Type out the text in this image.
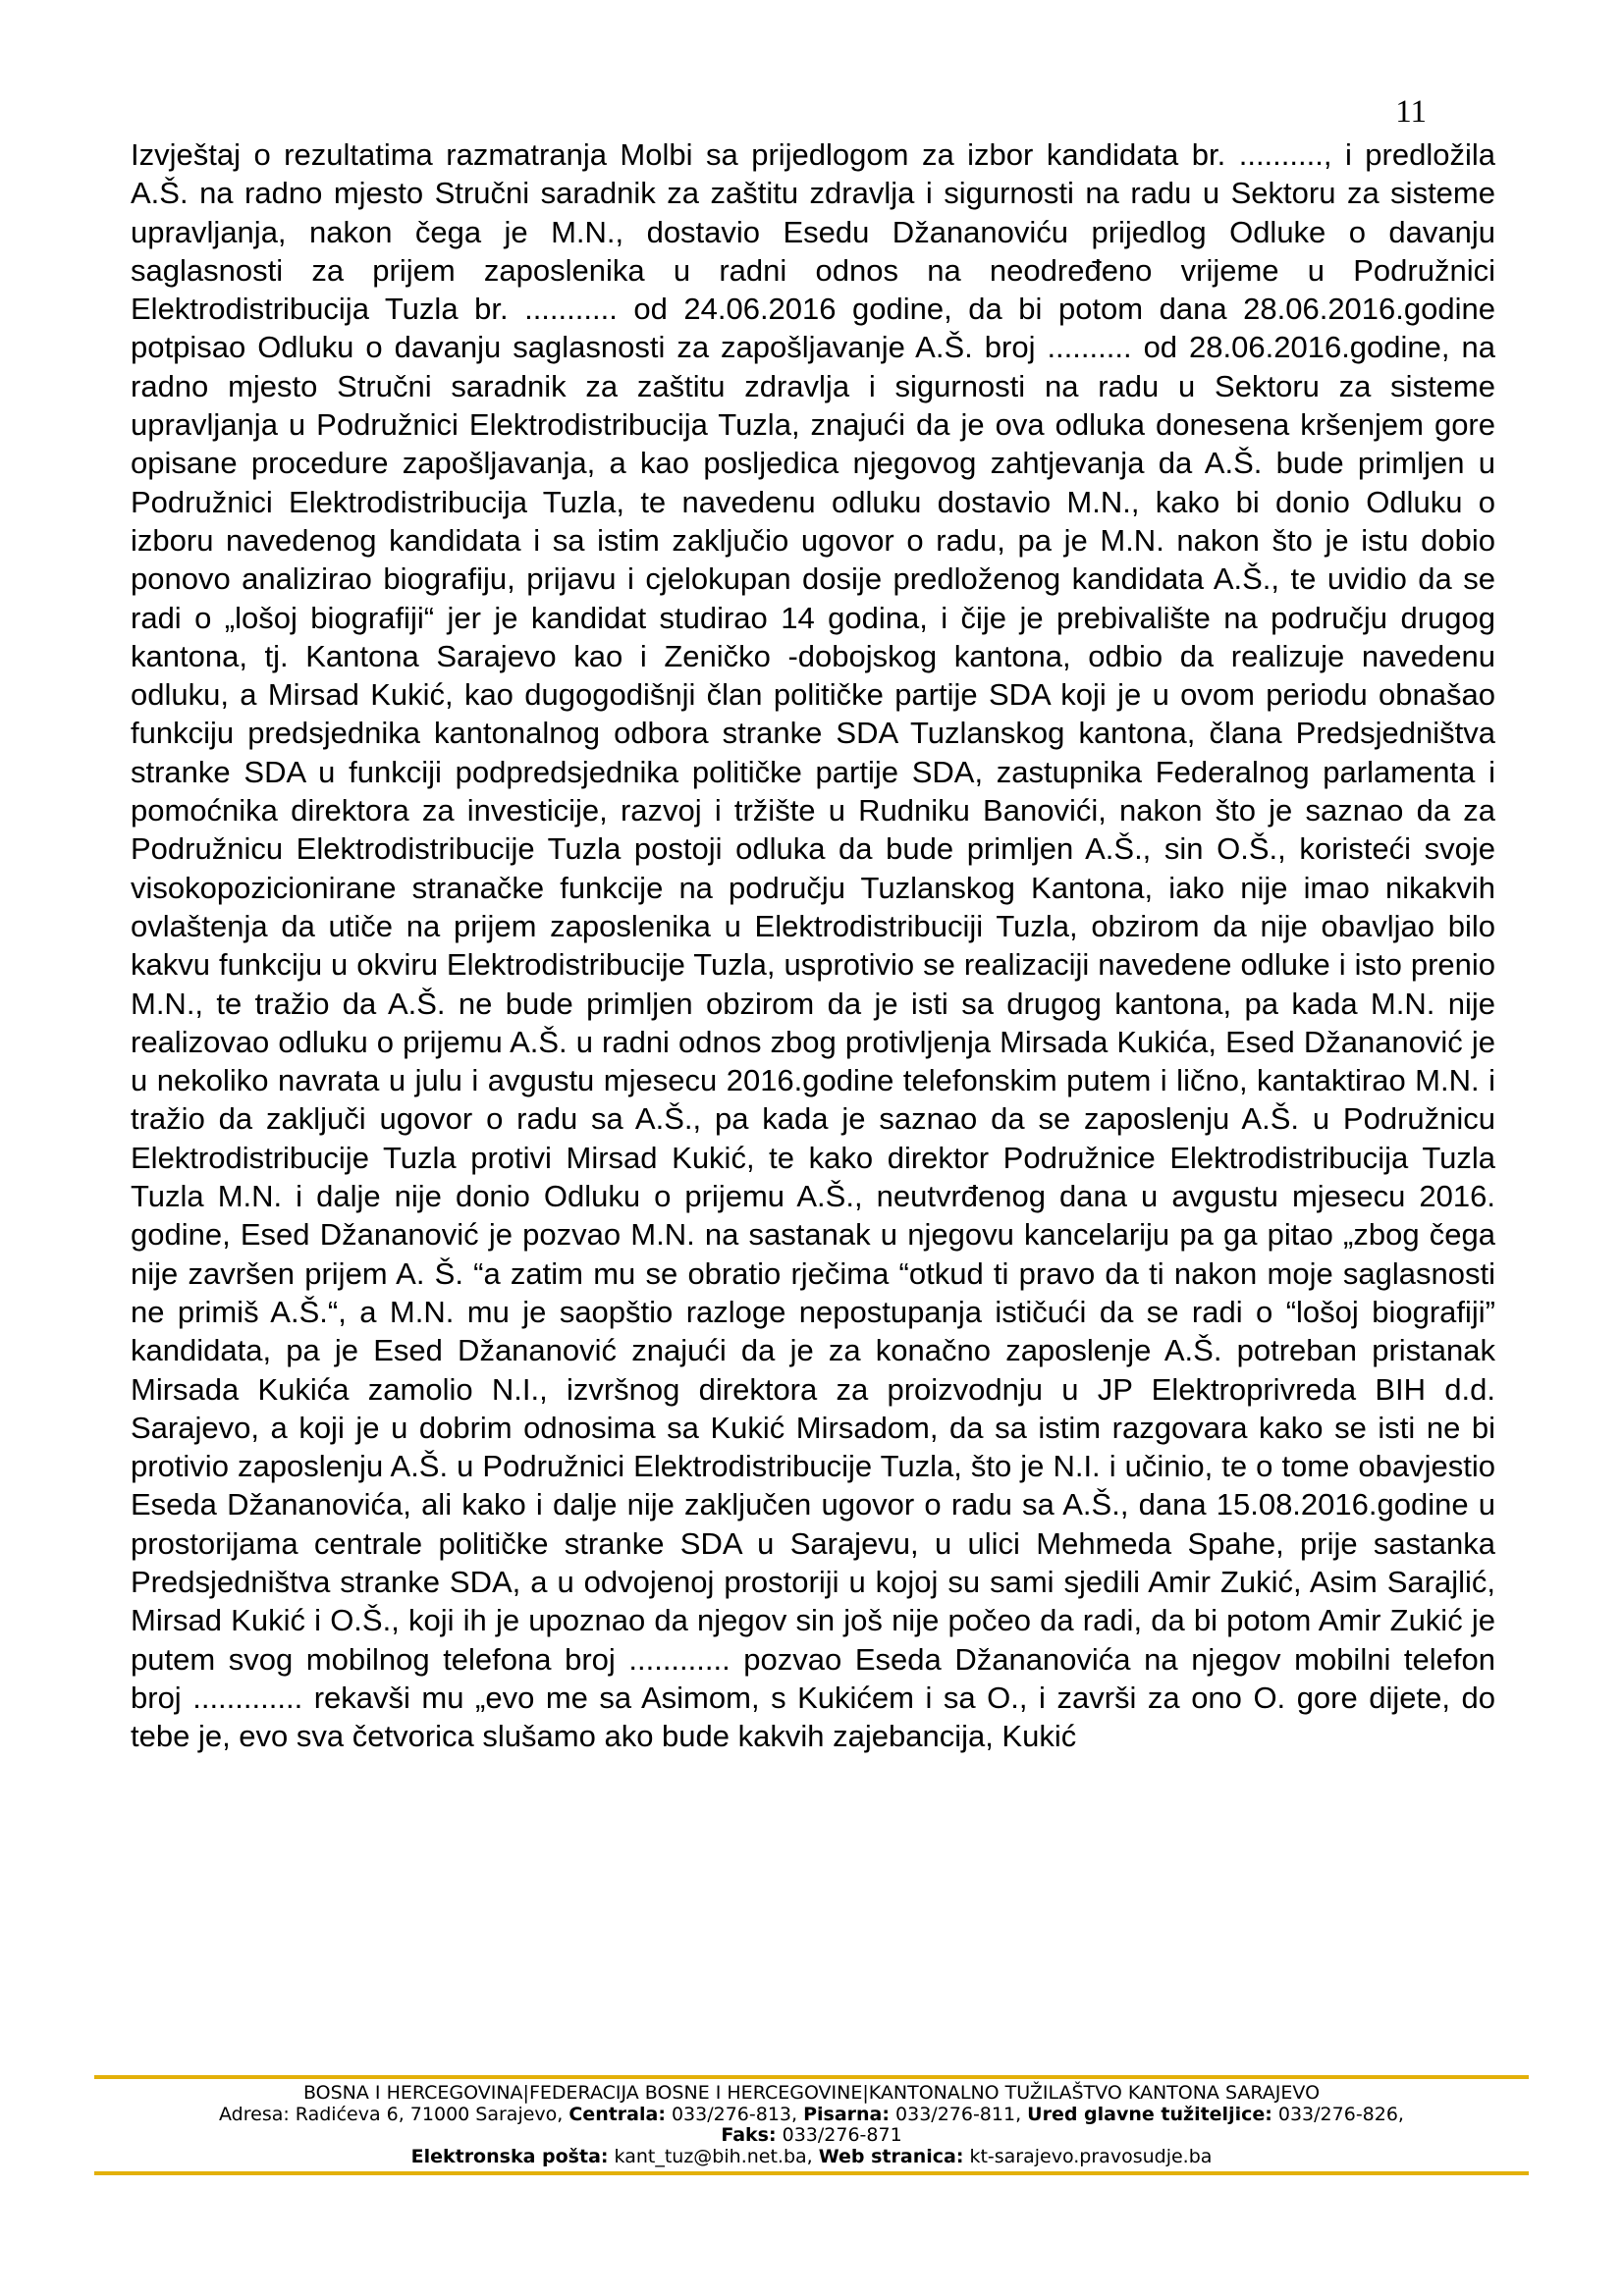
11
Izvještaj o rezultatima razmatranja Molbi sa prijedlogom za izbor kandidata br. .........., i predložila A.Š. na radno mjesto Stručni saradnik za zaštitu zdravlja i sigurnosti na radu u Sektoru za sisteme upravljanja, nakon čega je M.N., dostavio Esedu Džananoviću prijedlog Odluke o davanju saglasnosti za prijem zaposlenika u radni odnos na neodređeno vrijeme u Podružnici Elektrodistribucija Tuzla br. ........... od 24.06.2016 godine, da bi potom dana 28.06.2016.godine potpisao Odluku o davanju saglasnosti za zapošljavanje A.Š. broj .......... od 28.06.2016.godine, na radno mjesto Stručni saradnik za zaštitu zdravlja i sigurnosti na radu u Sektoru za sisteme upravljanja u Podružnici Elektrodistribucija Tuzla, znajući da je ova odluka donesena kršenjem gore opisane procedure zapošljavanja, a kao posljedica njegovog zahtjevanja da A.Š. bude primljen u Podružnici Elektrodistribucija Tuzla, te navedenu odluku dostavio M.N., kako bi donio Odluku o izboru navedenog kandidata i sa istim zaključio ugovor o radu, pa je M.N. nakon što je istu dobio ponovo analizirao biografiju, prijavu i cjelokupan dosije predloženog kandidata A.Š., te uvidio da se radi o „lošoj biografiji“ jer je kandidat studirao 14 godina, i čije je prebivalište na području drugog kantona, tj. Kantona Sarajevo kao i Zeničko -dobojskog kantona, odbio da realizuje navedenu odluku, a Mirsad Kukić, kao dugogodišnji član političke partije SDA koji je u ovom periodu obnašao funkciju predsjednika kantonalnog odbora stranke SDA Tuzlanskog kantona, člana Predsjedništva stranke SDA u funkciji podpredsjednika političke partije SDA, zastupnika Federalnog parlamenta i pomoćnika direktora za investicije, razvoj i tržište u Rudniku Banovići, nakon što je saznao da za Podružnicu Elektrodistribucije Tuzla postoji odluka da bude primljen A.Š., sin O.Š., koristeći svoje visokopozicionirane stranačke funkcije na području Tuzlanskog Kantona, iako nije imao nikakvih ovlaštenja da utiče na prijem zaposlenika u Elektrodistribuciji Tuzla, obzirom da nije obavljao bilo kakvu funkciju u okviru Elektrodistribucije Tuzla, usprotivio se realizaciji navedene odluke i isto prenio M.N., te tražio da A.Š. ne bude primljen obzirom da je isti sa drugog kantona, pa kada M.N. nije realizovao odluku o prijemu A.Š. u radni odnos zbog protivljenja Mirsada Kukića, Esed Džananović je u nekoliko navrata u julu i avgustu mjesecu 2016.godine telefonskim putem i lično, kantaktirao M.N. i tražio da zaključi ugovor o radu sa A.Š., pa kada je saznao da se zaposlenju A.Š. u Podružnicu Elektrodistribucije Tuzla protivi Mirsad Kukić, te kako direktor Podružnice Elektrodistribucija Tuzla Tuzla M.N. i dalje nije donio Odluku o prijemu A.Š., neutvrđenog dana u avgustu mjesecu 2016. godine, Esed Džananović je pozvao M.N. na sastanak u njegovu kancelariju pa ga pitao „zbog čega nije završen prijem A. Š. “a zatim mu se obratio rječima “otkud ti pravo da ti nakon moje saglasnosti ne primiš A.Š.“, a M.N. mu je saopštio razloge nepostupanja ističući da se radi o “lošoj biografiji” kandidata, pa je Esed Džananović znajući da je za konačno zaposlenje A.Š. potreban pristanak Mirsada Kukića zamolio N.I., izvršnog direktora za proizvodnju u JP Elektroprivreda BIH d.d. Sarajevo, a koji je u dobrim odnosima sa Kukić Mirsadom, da sa istim razgovara kako se isti ne bi protivio zaposlenju A.Š. u Podružnici Elektrodistribucije Tuzla, što je N.I. i učinio, te o tome obavjestio Eseda Džananovića, ali kako i dalje nije zaključen ugovor o radu sa A.Š., dana 15.08.2016.godine u prostorijama centrale političke stranke SDA u Sarajevu, u ulici Mehmeda Spahe, prije sastanka Predsjedništva stranke SDA, a u odvojenoj prostoriji u kojoj su sami sjedili Amir Zukić, Asim Sarajlić, Mirsad Kukić i O.Š., koji ih je upoznao da njegov sin još nije počeo da radi, da bi potom Amir Zukić je putem svog mobilnog telefona broj ............ pozvao Eseda Džananovića na njegov mobilni telefon broj ............. rekavši mu „evo me sa Asimom, s Kukićem i sa O., i završi za ono O. gore dijete, do tebe je, evo sva četvorica slušamo ako bude kakvih zajebancija, Kukić
BOSNA I HERCEGOVINA|FEDERACIJA BOSNE I HERCEGOVINE|KANTONALNO TUŽILAŠTVO KANTONA SARAJEVO
Adresa: Radićeva 6, 71000 Sarajevo, Centrala: 033/276-813, Pisarna: 033/276-811, Ured glavne tužiteljice: 033/276-826,
Faks: 033/276-871
Elektronska pošta: kant_tuz@bih.net.ba, Web stranica: kt-sarajevo.pravosudje.ba
